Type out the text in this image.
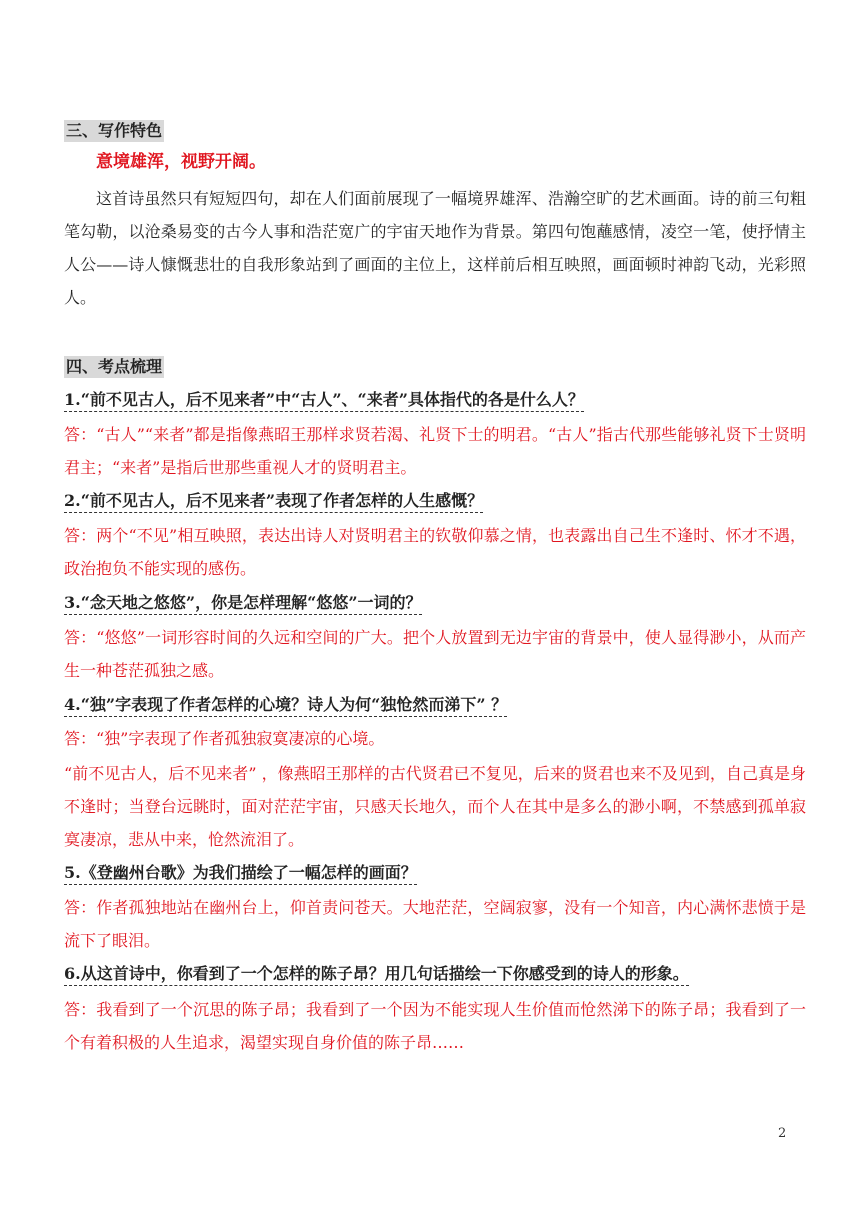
三、写作特色
意境雄浑，视野开阔。

这首诗虽然只有短短四句，却在人们面前展现了一幅境界雄浑、浩瀚空旷的艺术画面。诗的前三句粗笔勾勒，以沧桑易变的古今人事和浩茫宽广的宇宙天地作为背景。第四句饱蘸感情，凌空一笔，使抒情主人公——诗人慷慨悲壮的自我形象站到了画面的主位上，这样前后相互映照，画面顿时神韵飞动，光彩照人。

四、考点梳理
1.“前不见古人，后不见来者”中“古人”、“来者”具体指代的各是什么人？

答：“古人”“来者”都是指像燕昭王那样求贤若渴、礼贤下士的明君。“古人”指古代那些能够礼贤下士贤明君主；“来者”是指后世那些重视人才的贤明君主。

2.“前不见古人，后不见来者”表现了作者怎样的人生感慨？

答：两个“不见”相互映照，表达出诗人对贤明君主的钦敬仰慕之情，也表露出自己生不逢时、怀才不遇，政治抱负不能实现的感伤。

3.“念天地之悠悠”，你是怎样理解“悠悠”一词的？

答：“悠悠”一词形容时间的久远和空间的广大。把个人放置到无边宇宙的背景中，使人显得渺小，从而产生一种苍茫孤独之感。

4.“独”字表现了作者怎样的心境？诗人为何“独怆然而涕下” ？

答：“独”字表现了作者孤独寂寞凄凉的心境。

“前不见古人，后不见来者” ，像燕昭王那样的古代贤君已不复见，后来的贤君也来不及见到，自己真是身不逢时；当登台远眺时，面对茫茫宇宙，只感天长地久，而个人在其中是多么的渺小啊，不禁感到孤单寂寞凄凉，悲从中来，怆然流泪了。

5.《登幽州台歌》为我们描绘了一幅怎样的画面？

答：作者孤独地站在幽州台上，仰首责问苍天。大地茫茫，空阔寂寥，没有一个知音，内心满怀悲愤于是流下了眼泪。

6.从这首诗中，你看到了一个怎样的陈子昂？用几句话描绘一下你感受到的诗人的形象。

答：我看到了一个沉思的陈子昂；我看到了一个因为不能实现人生价值而怆然涕下的陈子昂；我看到了一个有着积极的人生追求，渴望实现自身价值的陈子昂……

2
